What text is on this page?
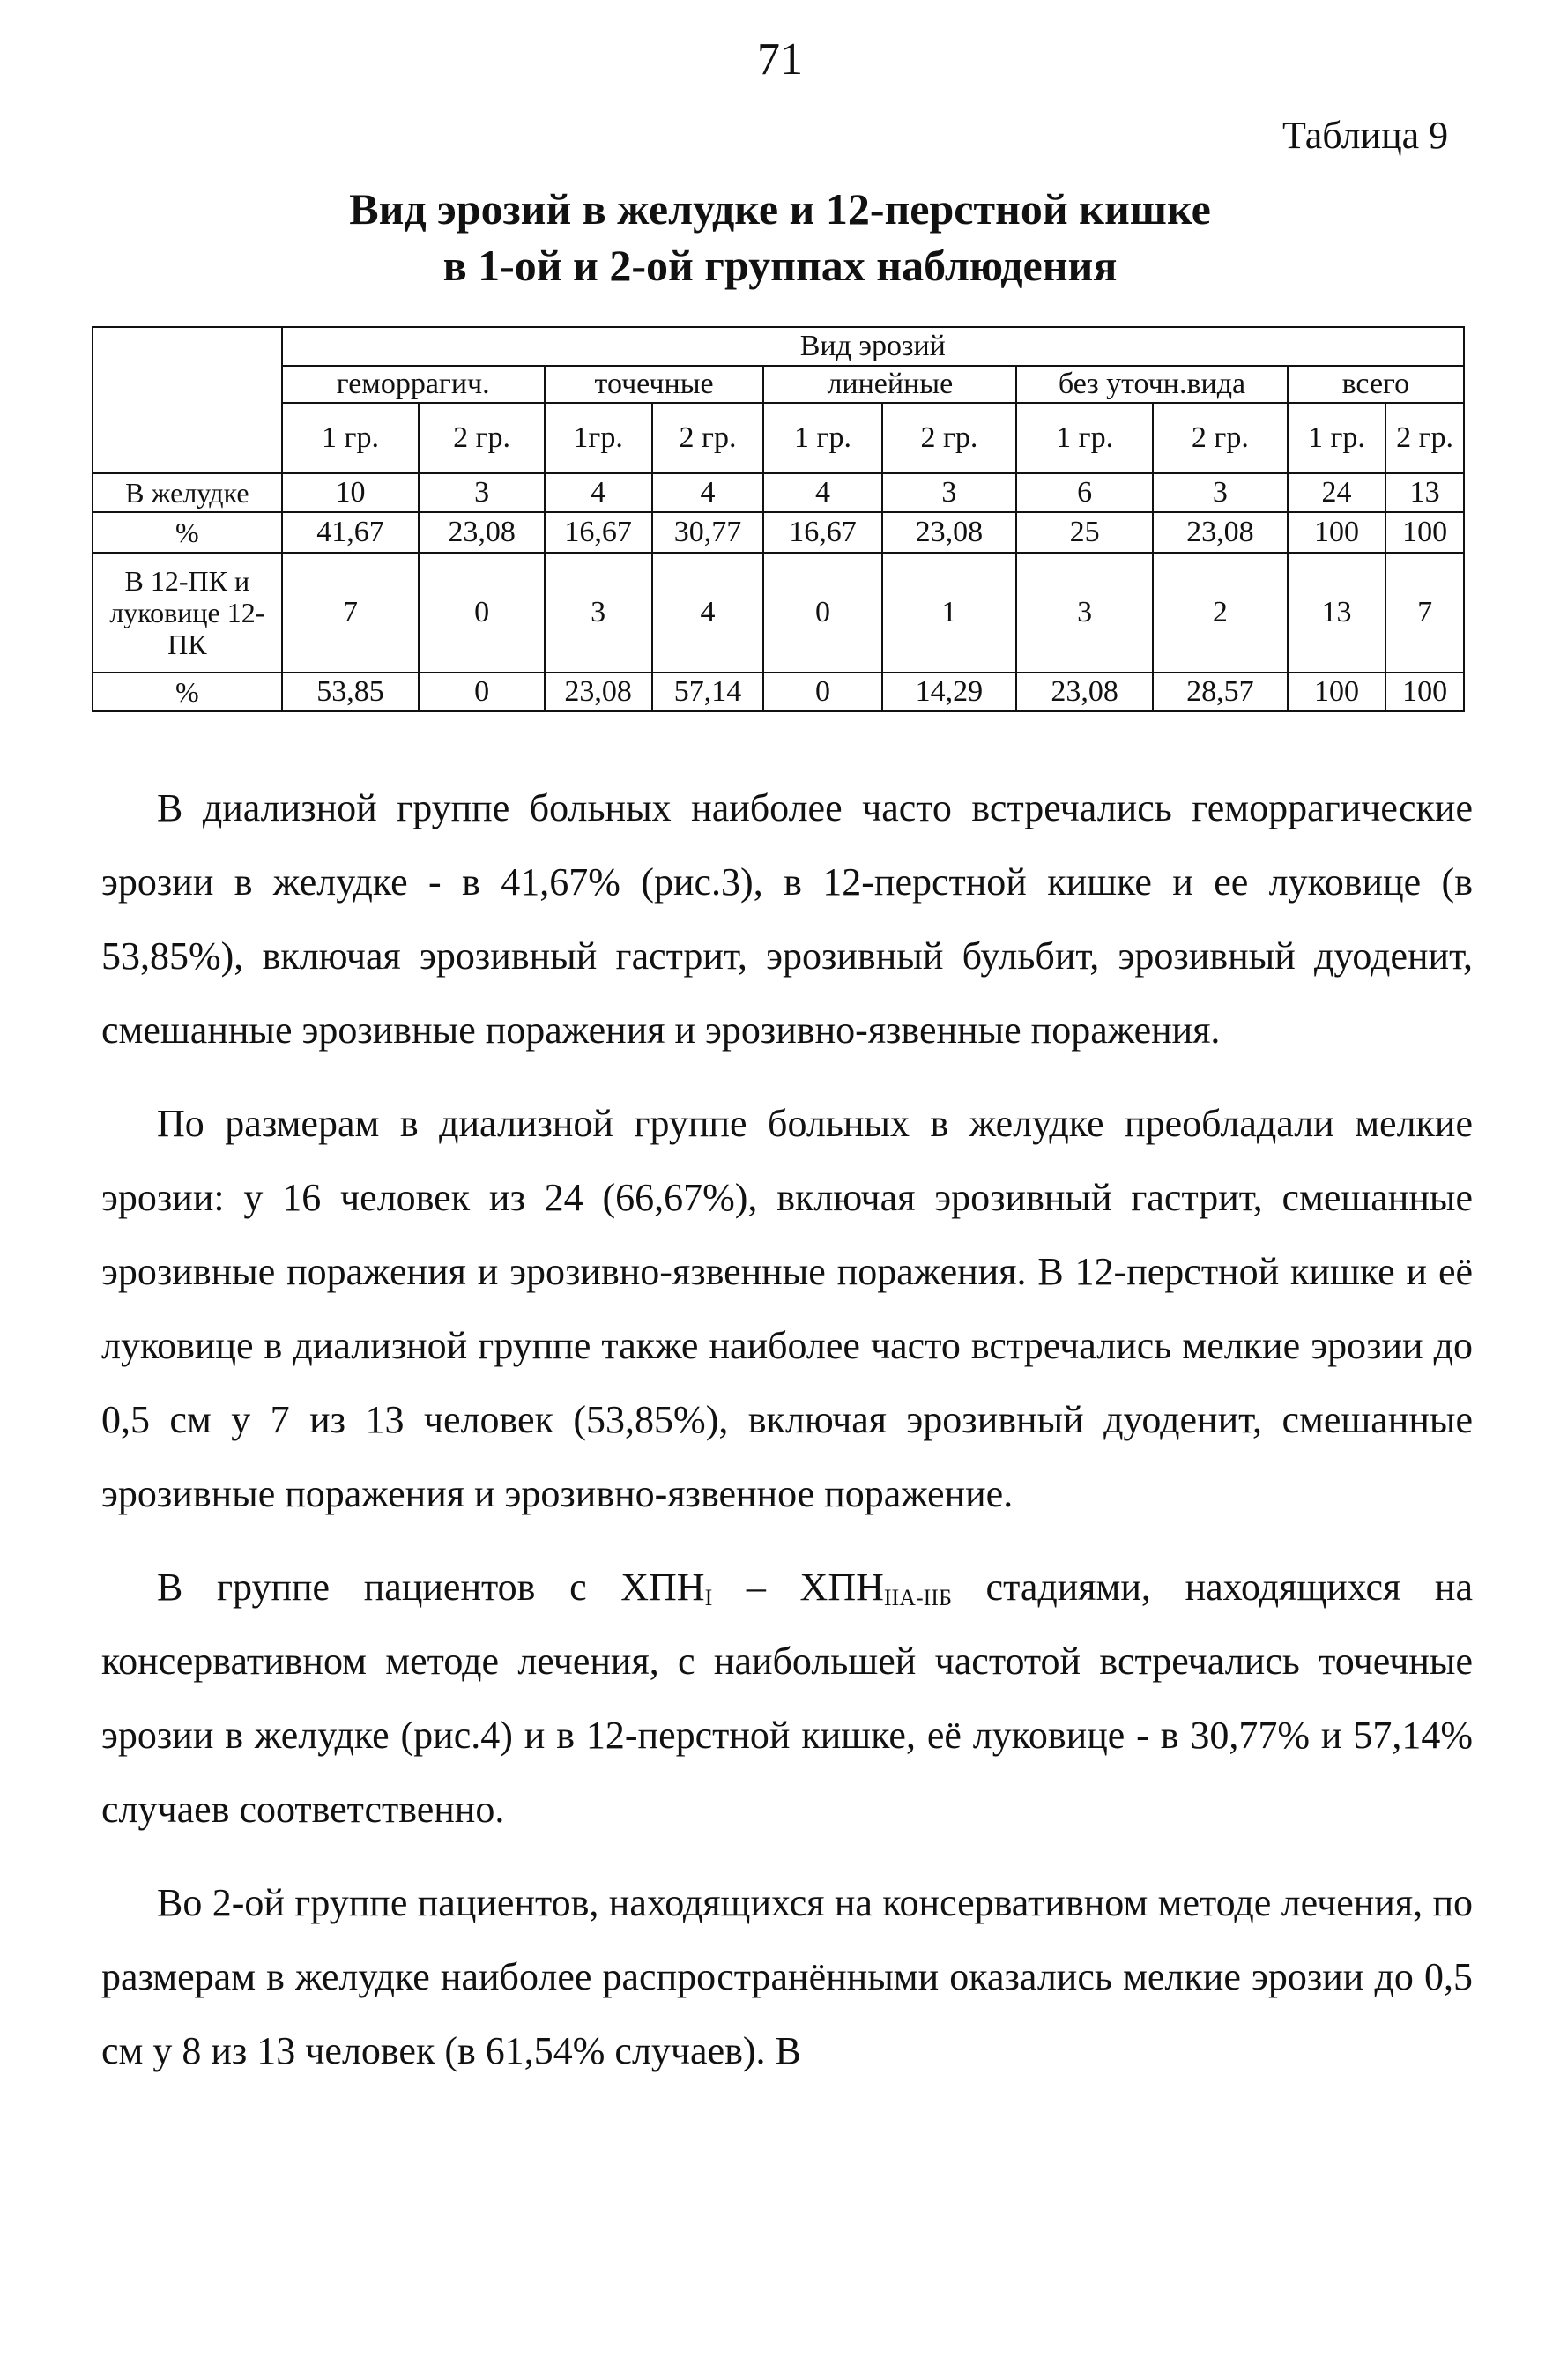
71
Таблица 9
Вид эрозий в желудке и 12-перстной кишке
в 1-ой и 2-ой группах наблюдения
	Вид эрозий									
	геморрагич.		точечные		линейные		без уточн.вида		всего	
	1 гр.	2 гр.	1гр.	2 гр.	1 гр.	2 гр.	1 гр.	2 гр.	1 гр.	2 гр.
В желудке	10	3	4	4	4	3	6	3	24	13
%	41,67	23,08	16,67	30,77	16,67	23,08	25	23,08	100	100
В 12-ПК и луковице 12-ПК	7	0	3	4	0	1	3	2	13	7
%	53,85	0	23,08	57,14	0	14,29	23,08	28,57	100	100

В диализной группе больных наиболее часто встречались геморрагические эрозии в желудке - в 41,67% (рис.3), в 12-перстной кишке и ее луковице (в 53,85%), включая эрозивный гастрит, эрозивный бульбит, эрозивный дуоденит, смешанные эрозивные поражения и эрозивно-язвенные поражения.

По размерам в диализной группе больных в желудке преобладали мелкие эрозии: у 16 человек из 24 (66,67%), включая эрозивный гастрит, смешанные эрозивные поражения и эрозивно-язвенные поражения. В 12-перстной кишке и её луковице в диализной группе также наиболее часто встречались мелкие эрозии до 0,5 см у 7 из 13 человек (53,85%), включая эрозивный дуоденит, смешанные эрозивные поражения и эрозивно-язвенное поражение.

В группе пациентов с $ХПН_I - ХПН_{IIА-IIБ}$ стадиями, находящихся на консервативном методе лечения, с наибольшей частотой встречались точечные эрозии в желудке (рис.4) и в 12-перстной кишке, её луковице - в 30,77% и 57,14% случаев соответственно.

Во 2-ой группе пациентов, находящихся на консервативном методе лечения, по размерам в желудке наиболее распространёнными оказались мелкие эрозии до 0,5 см у 8 из 13 человек (в 61,54% случаев). В
